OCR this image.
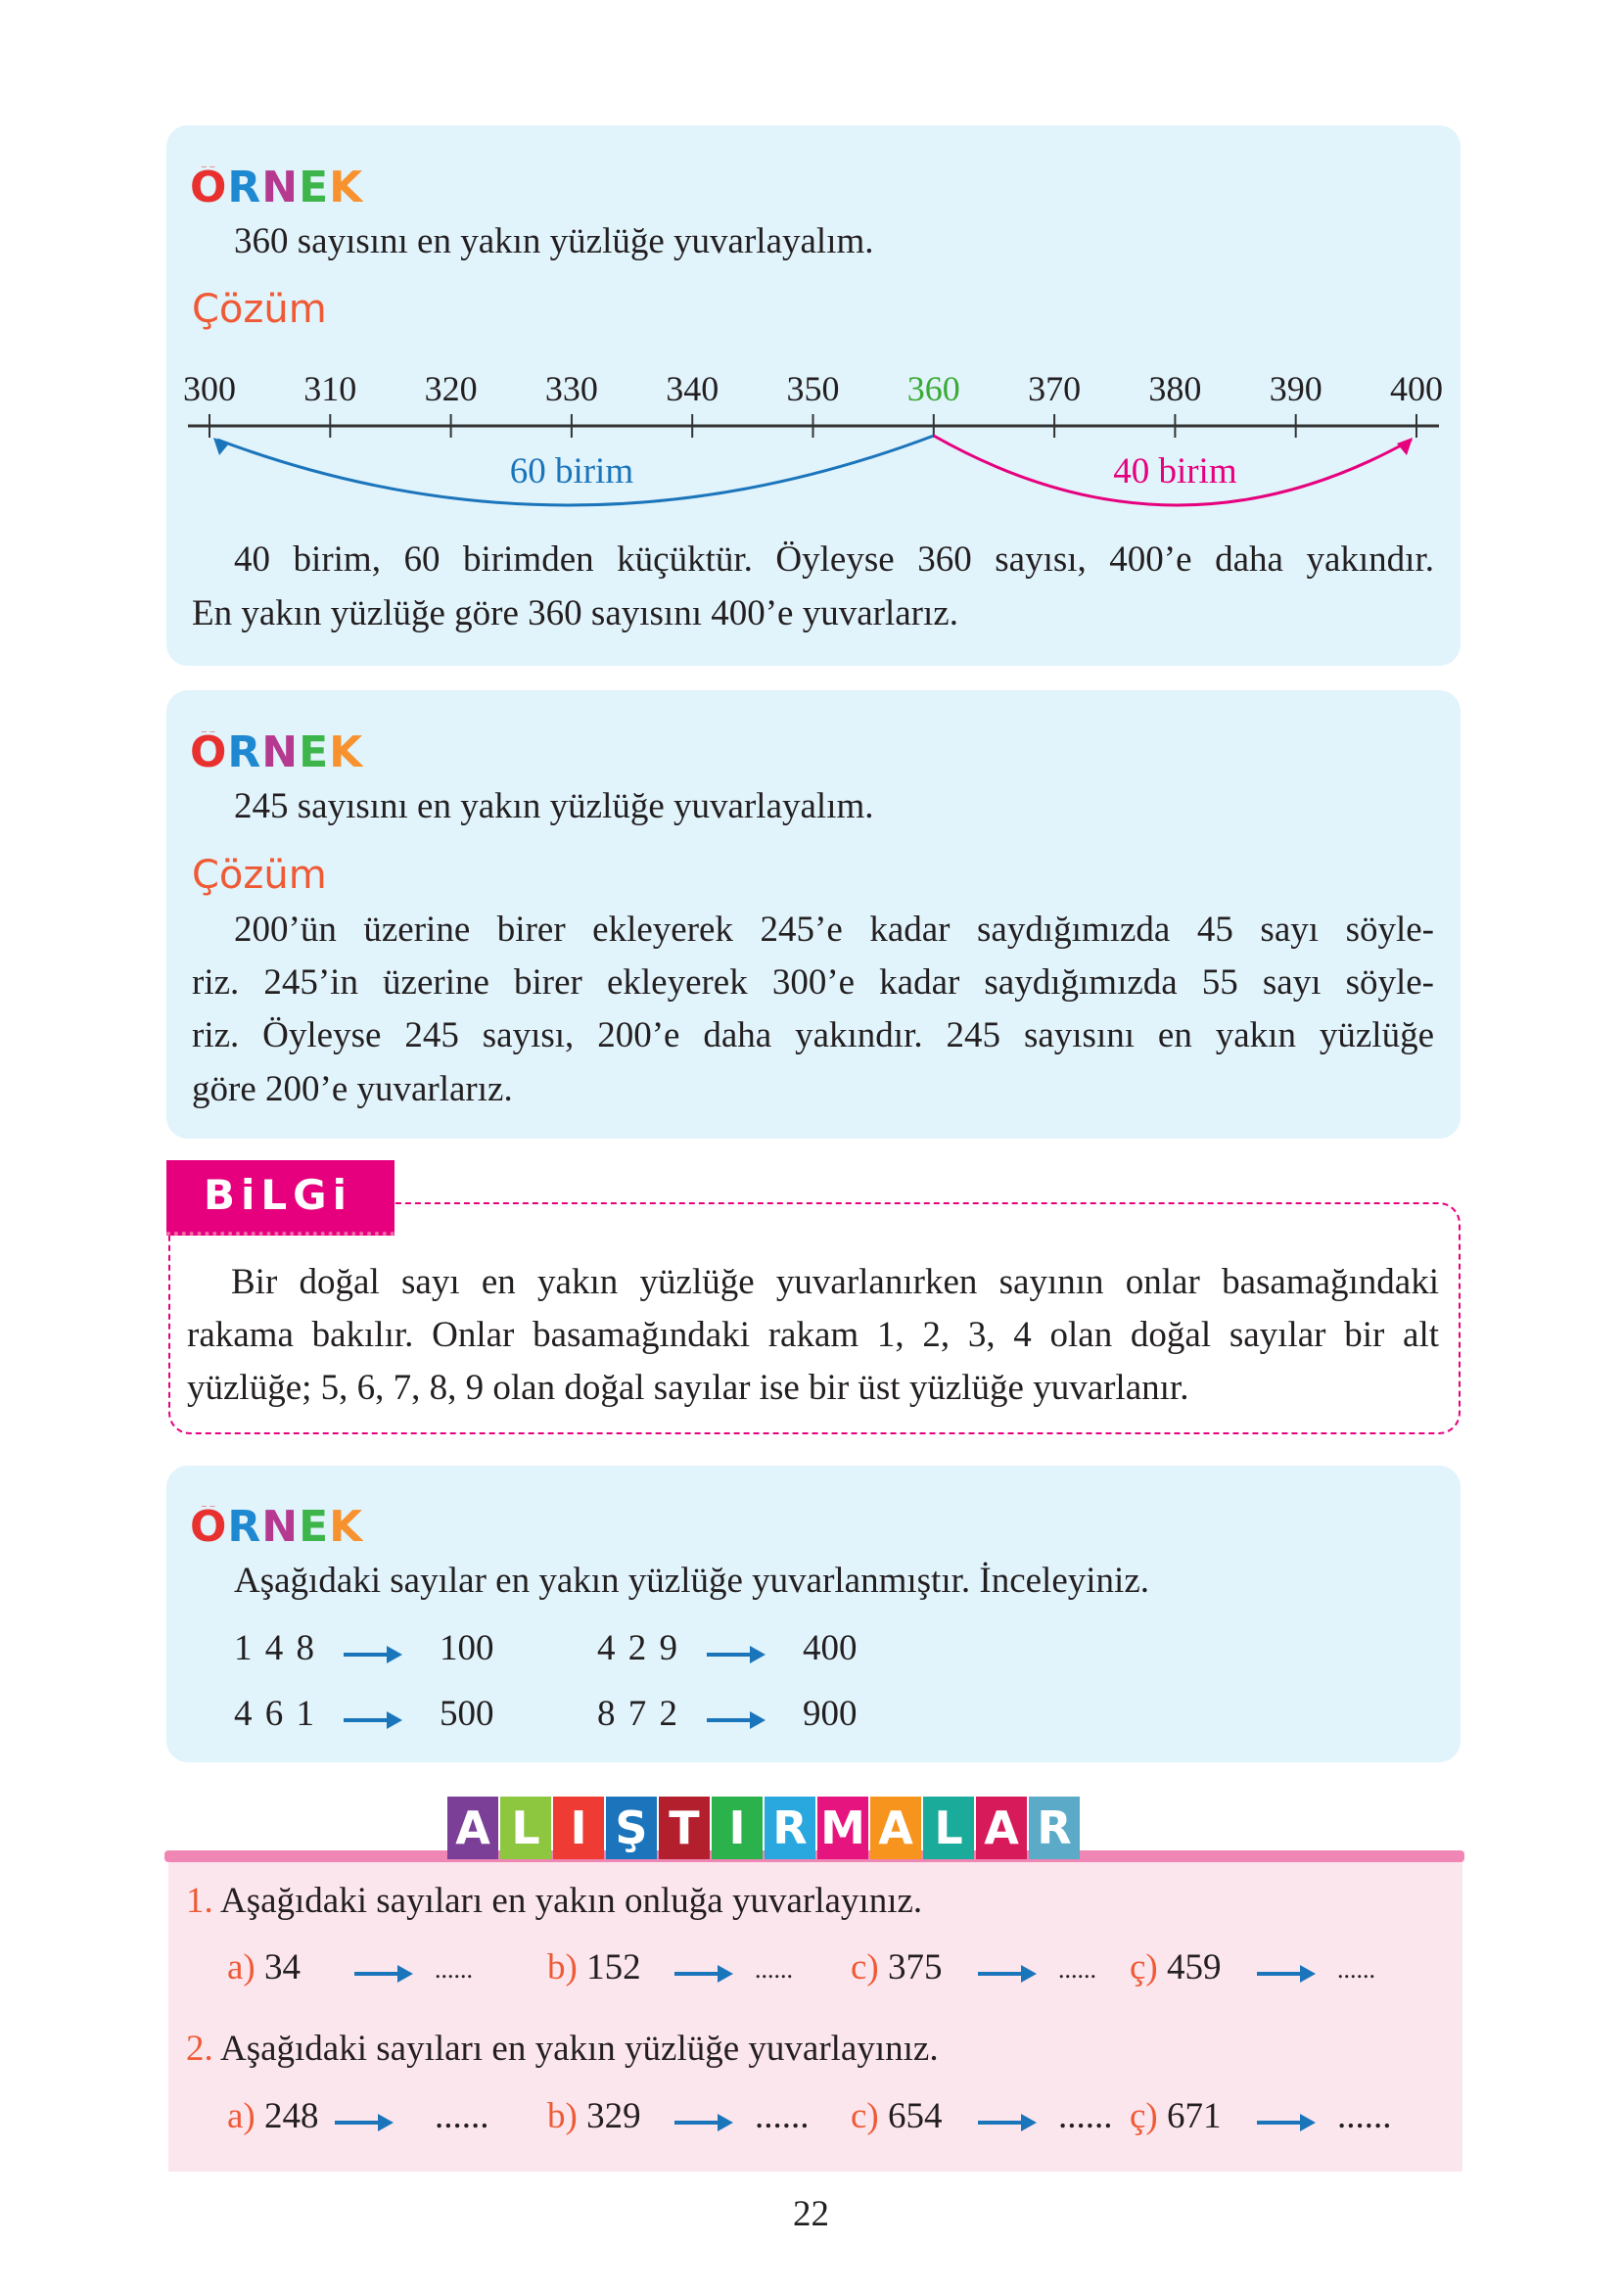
ÖRNEK
360 sayısını en yakın yüzlüğe yuvarlayalım.
Çözüm
300 310 320 330 340 350 360 370 380 390 400
60 birim	40 birim
40 birim, 60 birimden küçüktür. Öyleyse 360 sayısı, 400’e daha yakındır.
En yakın yüzlüğe göre 360 sayısını 400’e yuvarlarız.
ÖRNEK
245 sayısını en yakın yüzlüğe yuvarlayalım.
Çözüm
200’ün üzerine birer ekleyerek 245’e kadar saydığımızda 45 sayı söyle-
riz. 245’in üzerine birer ekleyerek 300’e kadar saydığımızda 55 sayı söyle-
riz. Öyleyse 245 sayısı, 200’e daha yakındır. 245 sayısını en yakın yüzlüğe
göre 200’e yuvarlarız.
BiLGi
Bir doğal sayı en yakın yüzlüğe yuvarlanırken sayının onlar basamağındaki
rakama bakılır. Onlar basamağındaki rakam 1, 2, 3, 4 olan doğal sayılar bir alt
yüzlüğe; 5, 6, 7, 8, 9 olan doğal sayılar ise bir üst yüzlüğe yuvarlanır.
ÖRNEK
Aşağıdaki sayılar en yakın yüzlüğe yuvarlanmıştır. İnceleyiniz.
1 4 8	100	4 2 9	400
4 6 1	500	8 7 2	900
A L I Ş T I R M A L A R
1. Aşağıdaki sayıları en yakın onluğa yuvarlayınız.
a) 34	...... b) 152	...... c) 375	...... ç) 459	......
2. Aşağıdaki sayıları en yakın yüzlüğe yuvarlayınız.
a) 248	...... b) 329	...... c) 654	...... ç) 671	......
22
